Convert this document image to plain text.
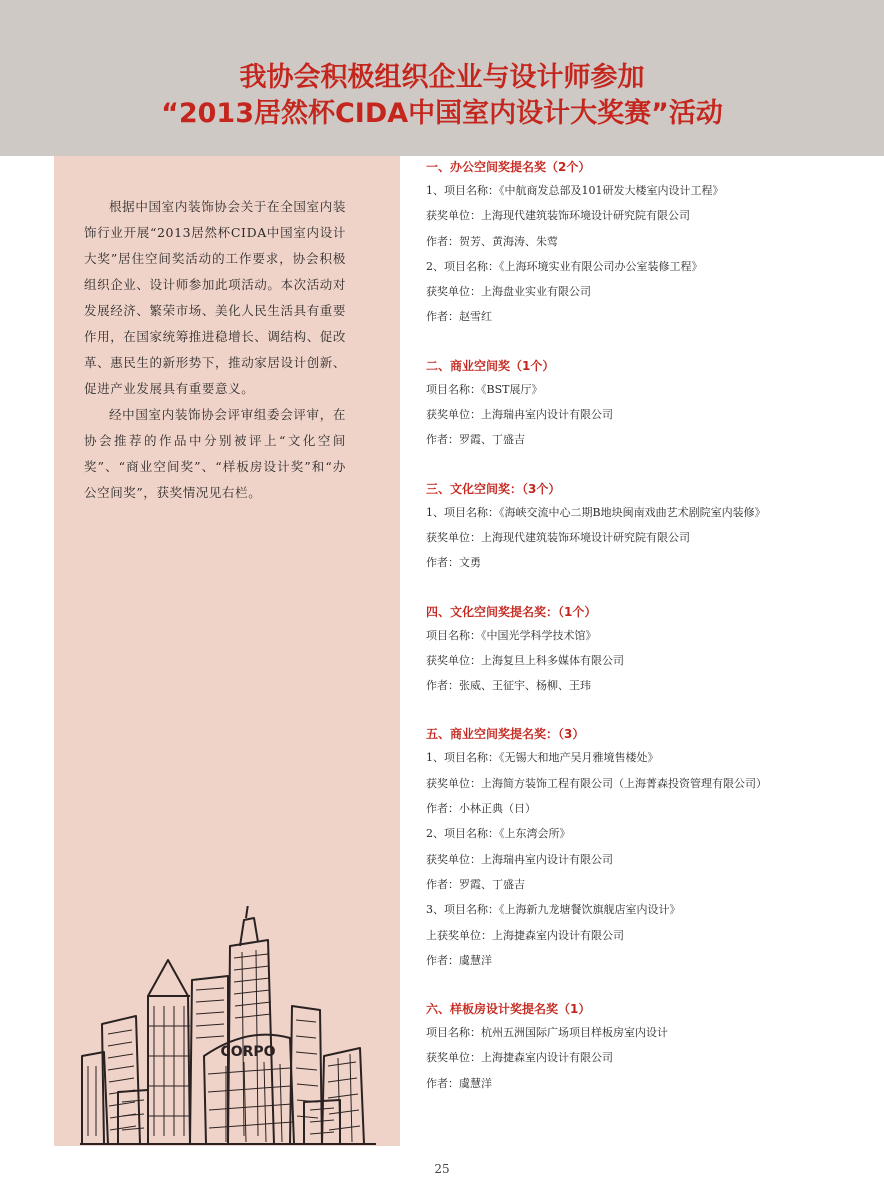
我协会积极组织企业与设计师参加
“2013居然杯CIDA中国室内设计大奖赛”活动

根据中国室内装饰协会关于在全国室内装饰行业开展“2013居然杯CIDA中国室内设计大奖”居住空间奖活动的工作要求，协会积极组织企业、设计师参加此项活动。本次活动对发展经济、繁荣市场、美化人民生活具有重要作用，在国家统筹推进稳增长、调结构、促改革、惠民生的新形势下，推动家居设计创新、促进产业发展具有重要意义。

经中国室内装饰协会评审组委会评审，在协会推荐的作品中分别被评上“文化空间奖”、“商业空间奖”、“样板房设计奖”和“办公空间奖”，获奖情况见右栏。

CORPO
一、办公空间奖提名奖（2个）
1、项目名称：《中航商发总部及101研发大楼室内设计工程》
获奖单位：上海现代建筑装饰环境设计研究院有限公司
作者：贺芳、黄海涛、朱莺
2、项目名称：《上海环境实业有限公司办公室装修工程》
获奖单位：上海盘业实业有限公司
作者：赵雪红
二、商业空间奖（1个）
项目名称：《BST展厅》
获奖单位：上海瑞冉室内设计有限公司
作者：罗霞、丁盛吉
三、文化空间奖：（3个）
1、项目名称：《海峡交流中心二期B地块闽南戏曲艺术剧院室内装修》
获奖单位：上海现代建筑装饰环境设计研究院有限公司
作者：文勇
四、文化空间奖提名奖：（1个）
项目名称：《中国光学科学技术馆》
获奖单位：上海复旦上科多媒体有限公司
作者：张威、王征宇、杨柳、王玮
五、商业空间奖提名奖：（3）
1、项目名称：《无锡大和地产吴月雅境售楼处》
获奖单位：上海简方装饰工程有限公司（上海菁森投资管理有限公司）
作者：小林正典（日）
2、项目名称：《上东湾会所》
获奖单位：上海瑞冉室内设计有限公司
作者：罗霞、丁盛吉
3、项目名称：《上海新九龙塘餐饮旗舰店室内设计》
上获奖单位：上海捷森室内设计有限公司
作者：虞慧洋
六、样板房设计奖提名奖（1）
项目名称：杭州五洲国际广场项目样板房室内设计
获奖单位：上海捷森室内设计有限公司
作者：虞慧洋
25
